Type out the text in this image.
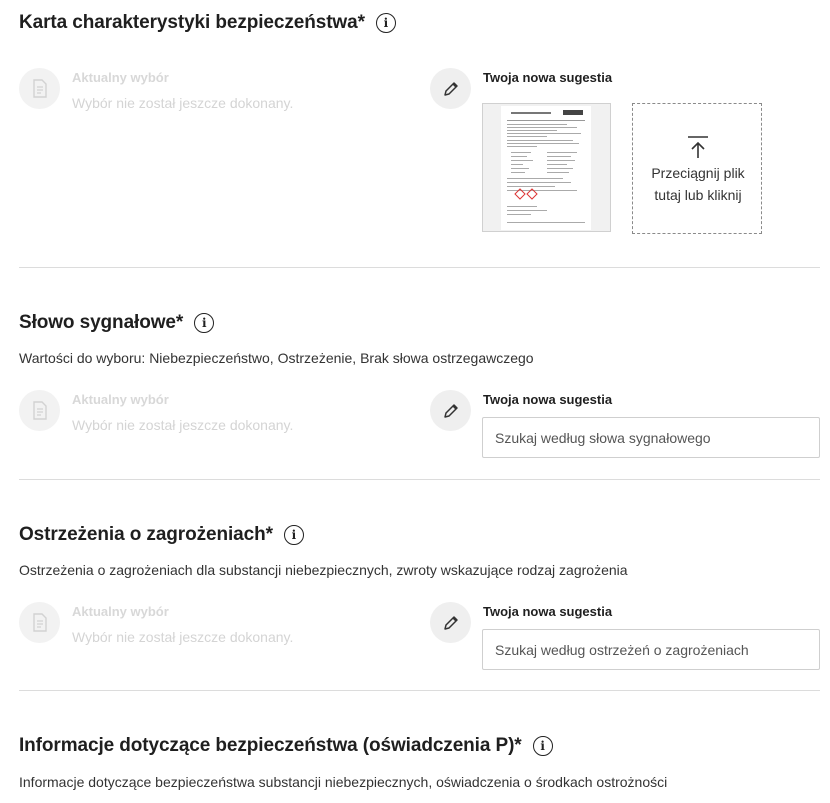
Karta charakterystyki bezpieczeństwa*	i
Aktualny wybór
Wybór nie został jeszcze dokonany.
Twoja nowa sugestia
Przeciągnij plik
tutaj lub kliknij
Słowo sygnałowe*	i
Wartości do wyboru: Niebezpieczeństwo, Ostrzeżenie, Brak słowa ostrzegawczego
Aktualny wybór
Wybór nie został jeszcze dokonany.
Twoja nowa sugestia
Szukaj według słowa sygnałowego
Ostrzeżenia o zagrożeniach*	i
Ostrzeżenia o zagrożeniach dla substancji niebezpiecznych, zwroty wskazujące rodzaj zagrożenia
Aktualny wybór
Wybór nie został jeszcze dokonany.
Twoja nowa sugestia
Szukaj według ostrzeżeń o zagrożeniach
Informacje dotyczące bezpieczeństwa (oświadczenia P)*	i
Informacje dotyczące bezpieczeństwa substancji niebezpiecznych, oświadczenia o środkach ostrożności
